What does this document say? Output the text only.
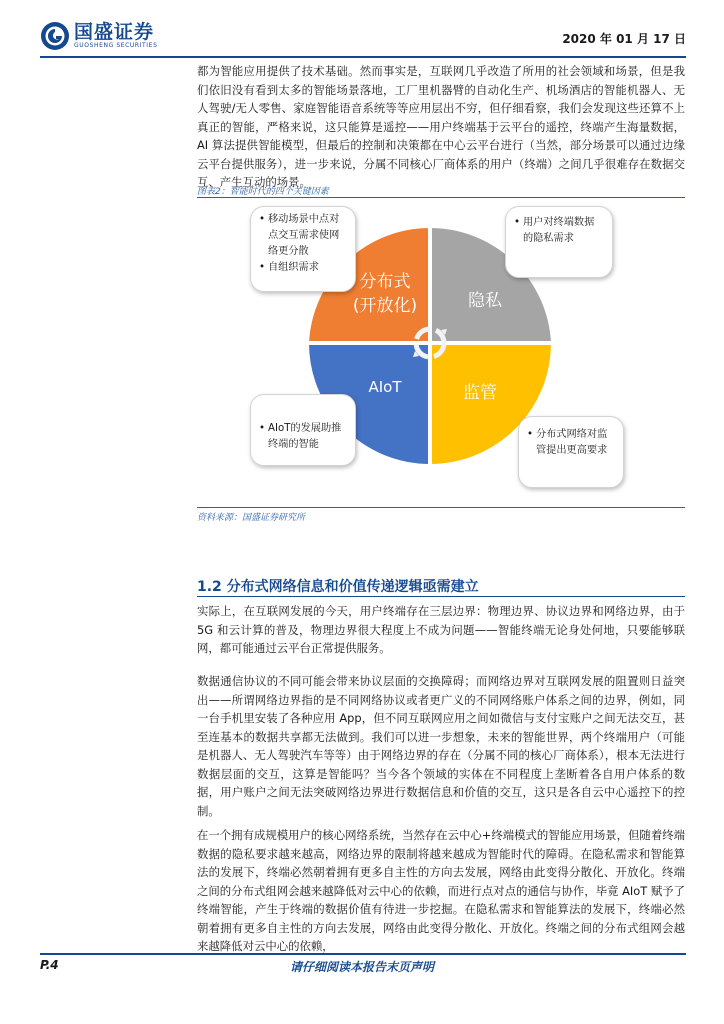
国盛证券
GUOSHENG SECURITIES	2020 年 01 月 17 日
都为智能应用提供了技术基础。然而事实是，互联网几乎改造了所用的社会领域和场景，但是我们依旧没有看到太多的智能场景落地，工厂里机器臂的自动化生产、机场酒店的智能机器人、无人驾驶/无人零售、家庭智能语音系统等等应用层出不穷，但仔细看察，我们会发现这些还算不上真正的智能，严格来说，这只能算是遥控——用户终端基于云平台的遥控，终端产生海量数据，AI 算法提供智能模型，但最后的控制和决策都在中心云平台进行（当然，部分场景可以通过边缘云平台提供服务），进一步来说，分属不同核心厂商体系的用户（终端）之间几乎很难存在数据交互、产生互动的场景。
图表2：智能时代的四个关键因素
分布式
(开放化)	隐私
AIoT	监管
• 移动场景中点对点交互需求使网络更分散
• 自组织需求
• 用户对终端数据的隐私需求
• AIoT的发展助推终端的智能
• 分布式网络对监管提出更高要求
资料来源：国盛证券研究所
1.2 分布式网络信息和价值传递逻辑亟需建立
实际上，在互联网发展的今天，用户终端存在三层边界：物理边界、协议边界和网络边界，由于 5G 和云计算的普及，物理边界很大程度上不成为问题——智能终端无论身处何地，只要能够联网，都可能通过云平台正常提供服务。
数据通信协议的不同可能会带来协议层面的交换障碍；而网络边界对互联网发展的阻置则日益突出——所谓网络边界指的是不同网络协议或者更广义的不同网络账户体系之间的边界，例如，同一台手机里安装了各种应用 App，但不同互联网应用之间如微信与支付宝账户之间无法交互，甚至连基本的数据共享都无法做到。我们可以进一步想象，未来的智能世界，两个终端用户（可能是机器人、无人驾驶汽车等等）由于网络边界的存在（分属不同的核心厂商体系），根本无法进行数据层面的交互，这算是智能吗？当今各个领域的实体在不同程度上垄断着各自用户体系的数据，用户账户之间无法突破网络边界进行数据信息和价值的交互，这只是各自云中心遥控下的控制。
在一个拥有成规模用户的核心网络系统，当然存在云中心+终端模式的智能应用场景，但随着终端数据的隐私要求越来越高，网络边界的限制将越来越成为智能时代的障碍。在隐私需求和智能算法的发展下，终端必然朝着拥有更多自主性的方向去发展，网络由此变得分散化、开放化。终端之间的分布式组网会越来越降低对云中心的依赖，而进行点对点的通信与协作，毕竟 AIoT 赋予了终端智能，产生于终端的数据价值有待进一步挖掘。在隐私需求和智能算法的发展下，终端必然朝着拥有更多自主性的方向去发展，网络由此变得分散化、开放化。终端之间的分布式组网会越来越降低对云中心的依赖，
P.4	请仔细阅读本报告末页声明
